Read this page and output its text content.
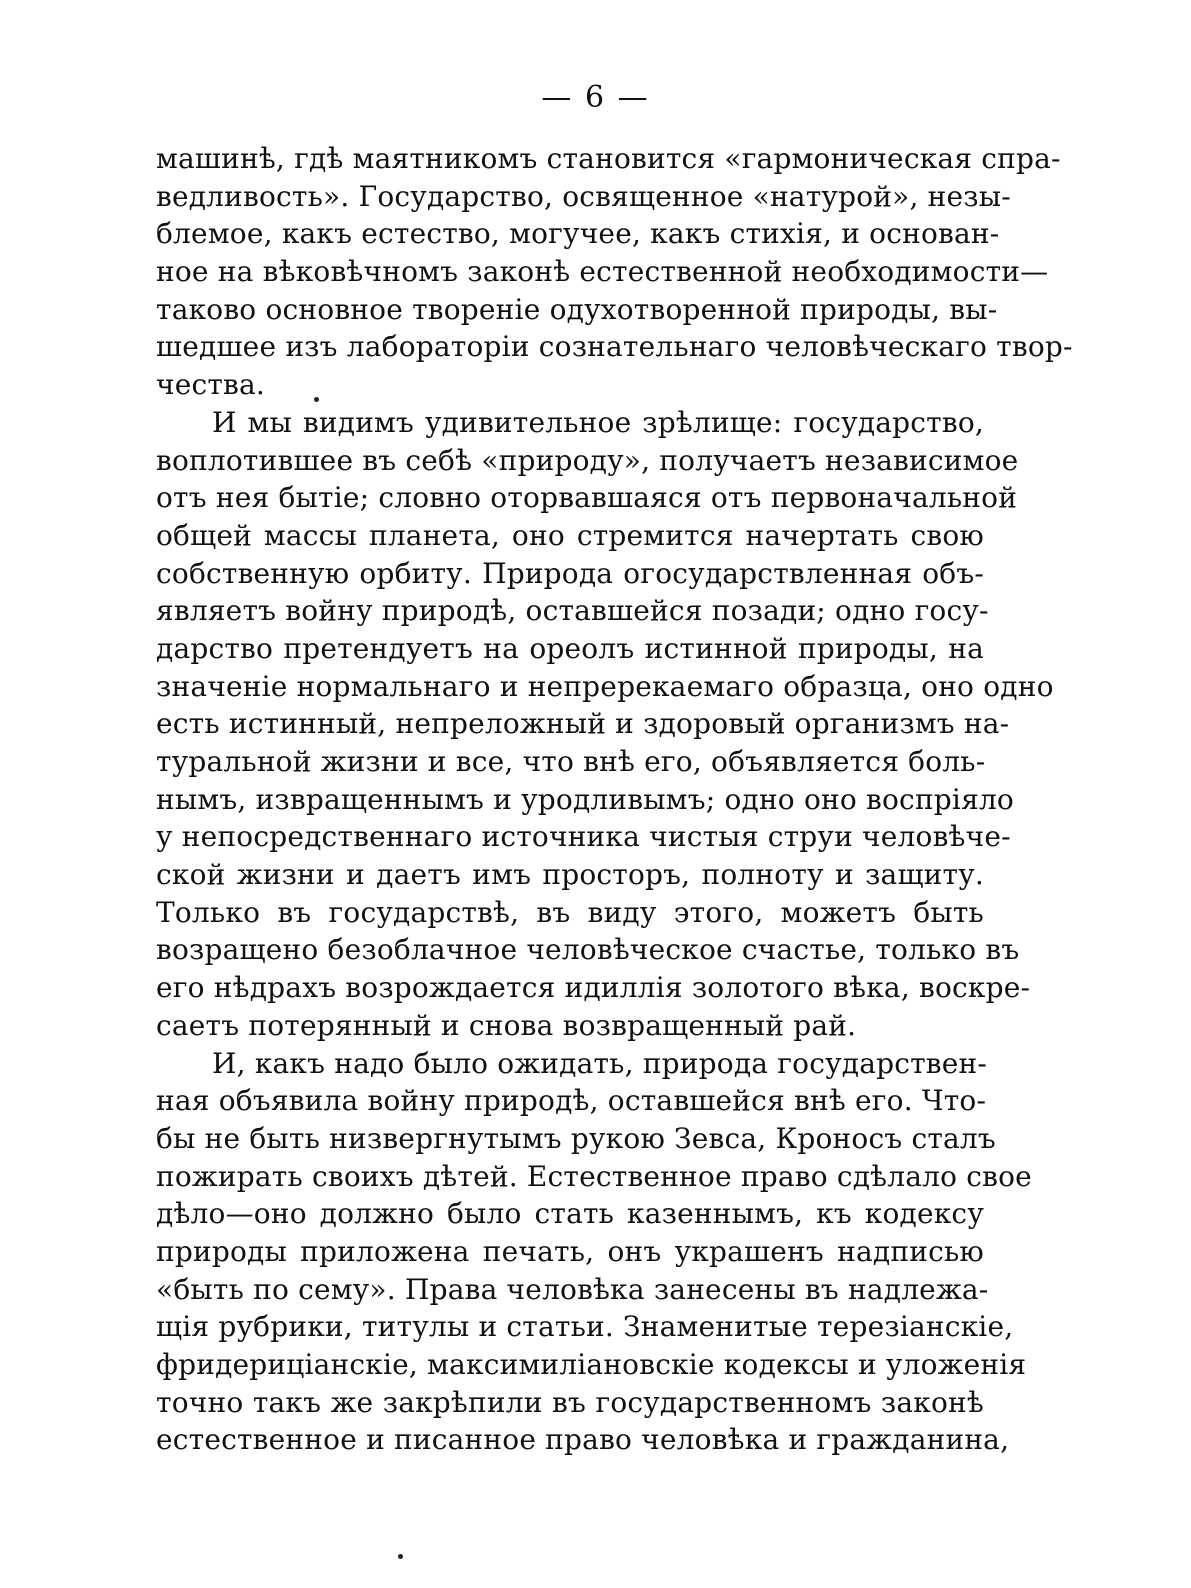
— 6 —
машинѣ, гдѣ маятникомъ становится «гармоническая спра-
ведливость». Государство, освященное «натурой», незы-
блемое, какъ естество, могучее, какъ стихія, и основан-
ное на вѣковѣчномъ законѣ естественной необходимости—
таково основное твореніе одухотворенной природы, вы-
шедшее изъ лабораторіи сознательнаго человѣческаго твор-
чества.
И мы видимъ удивительное зрѣлище: государство,
воплотившее въ себѣ «природу», получаетъ независимое
отъ нея бытіе; словно оторвавшаяся отъ первоначальной
общей массы планета, оно стремится начертать свою
собственную орбиту. Природа огосударствленная объ-
являетъ войну природѣ, оставшейся позади; одно госу-
дарство претендуетъ на ореолъ истинной природы, на
значеніе нормальнаго и непререкаемаго образца, оно одно
есть истинный, непреложный и здоровый организмъ на-
туральной жизни и все, что внѣ его, объявляется боль-
нымъ, извращеннымъ и уродливымъ; одно оно воспріяло
у непосредственнаго источника чистыя струи человѣче-
ской жизни и даетъ имъ просторъ, полноту и защиту.
Только въ государствѣ, въ виду этого, можетъ быть
возращено безоблачное человѣческое счастье, только въ
его нѣдрахъ возрождается идиллія золотого вѣка, воскре-
саетъ потерянный и снова возвращенный рай.
И, какъ надо было ожидать, природа государствен-
ная объявила войну природѣ, оставшейся внѣ его. Что-
бы не быть низвергнутымъ рукою Зевса, Кроносъ сталъ
пожирать своихъ дѣтей. Естественное право сдѣлало свое
дѣло—оно должно было стать казеннымъ, къ кодексу
природы приложена печать, онъ украшенъ надписью
«быть по сему». Права человѣка занесены въ надлежа-
щія рубрики, титулы и статьи. Знаменитые терезіанскіе,
фридерицiанскіе, максимиліановскіе кодексы и уложенія
точно такъ же закрѣпили въ государственномъ законѣ
естественное и писанное право человѣка и гражданина,
